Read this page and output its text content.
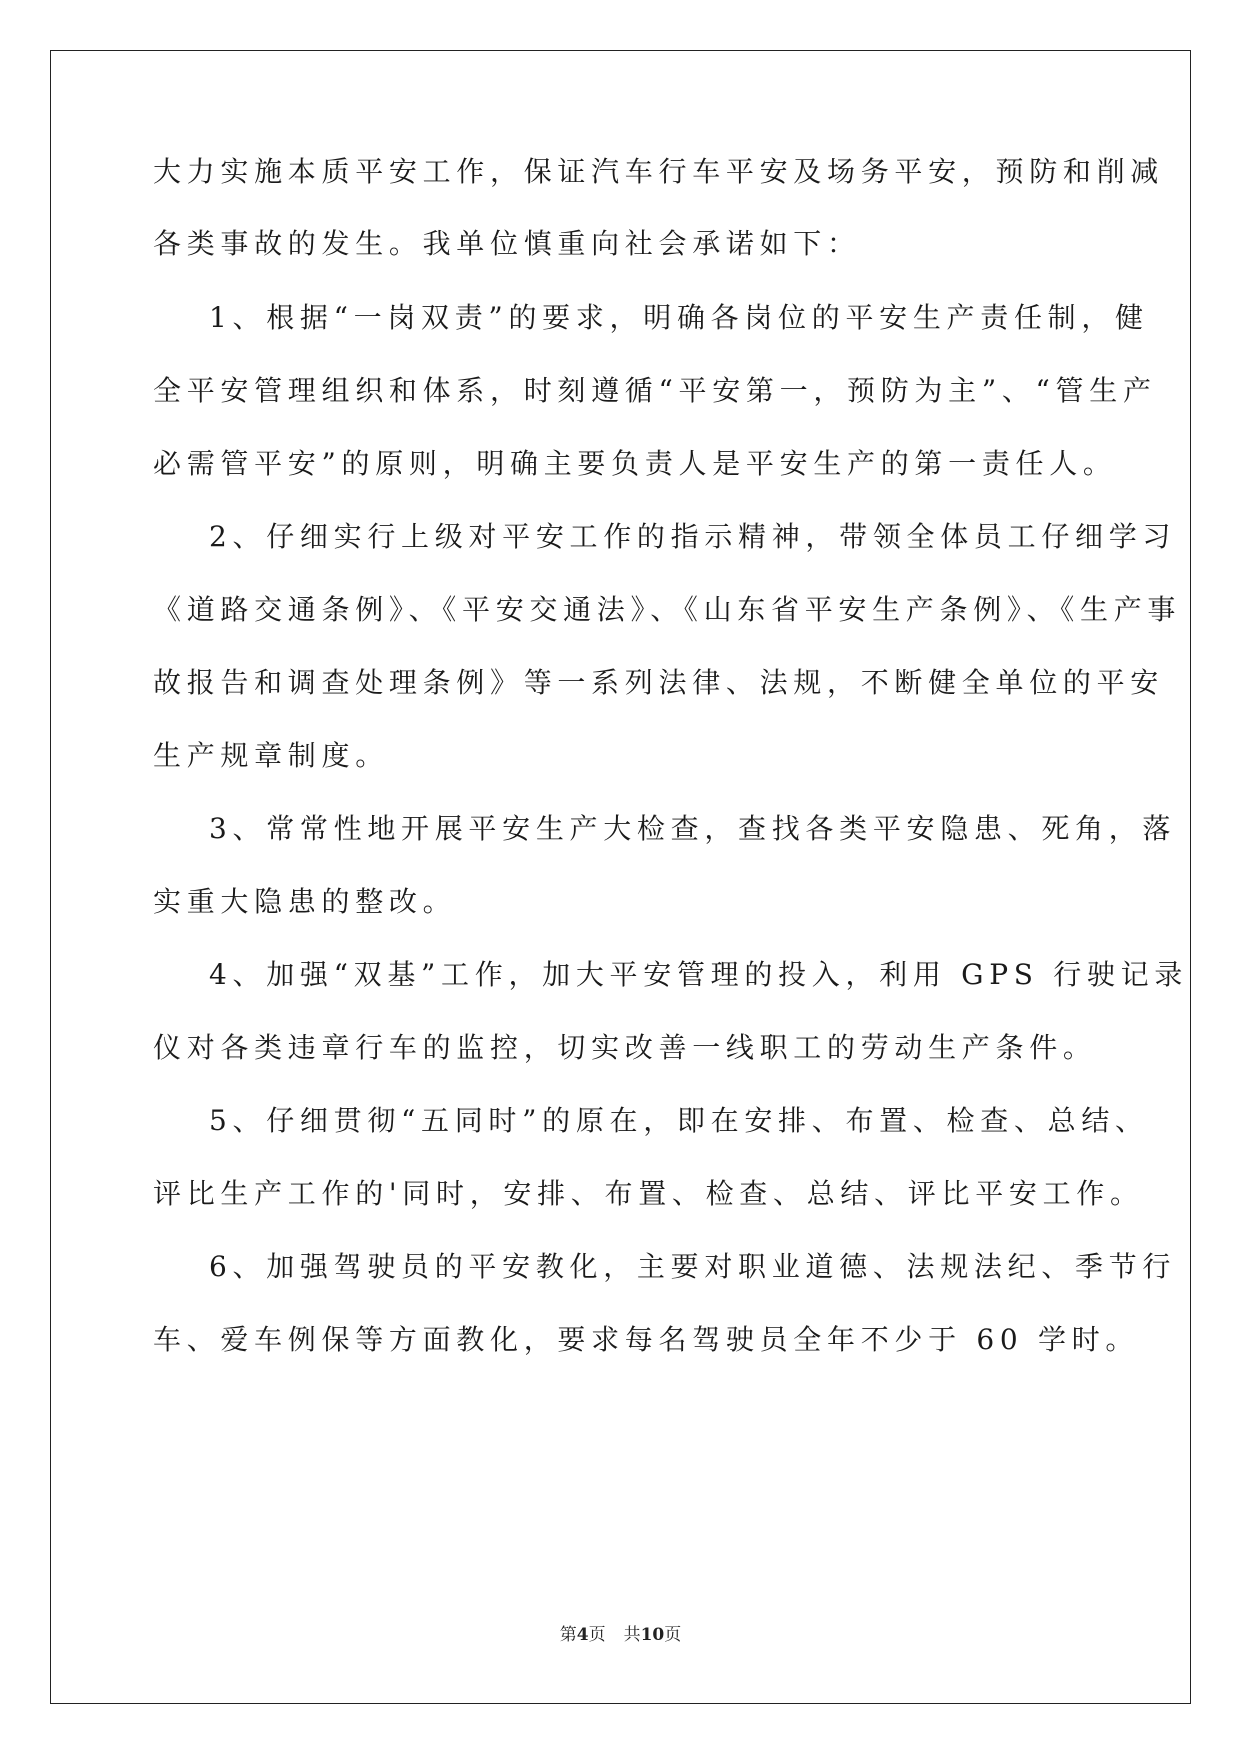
大力实施本质平安工作，保证汽车行车平安及场务平安，预防和削减
各类事故的发生。我单位慎重向社会承诺如下：
1、根据“一岗双责”的要求，明确各岗位的平安生产责任制，健
全平安管理组织和体系，时刻遵循“平安第一，预防为主”、“管生产
必需管平安”的原则，明确主要负责人是平安生产的第一责任人。
2、仔细实行上级对平安工作的指示精神，带领全体员工仔细学习
《道路交通条例》、《平安交通法》、《山东省平安生产条例》、《生产事
故报告和调查处理条例》等一系列法律、法规，不断健全单位的平安
生产规章制度。
3、常常性地开展平安生产大检查，查找各类平安隐患、死角，落
实重大隐患的整改。
4、加强“双基”工作，加大平安管理的投入，利用 GPS 行驶记录
仪对各类违章行车的监控，切实改善一线职工的劳动生产条件。
5、仔细贯彻“五同时”的原在，即在安排、布置、检查、总结、
评比生产工作的'同时，安排、布置、检查、总结、评比平安工作。
6、加强驾驶员的平安教化，主要对职业道德、法规法纪、季节行
车、爱车例保等方面教化，要求每名驾驶员全年不少于 60 学时。
第4页 共10页
